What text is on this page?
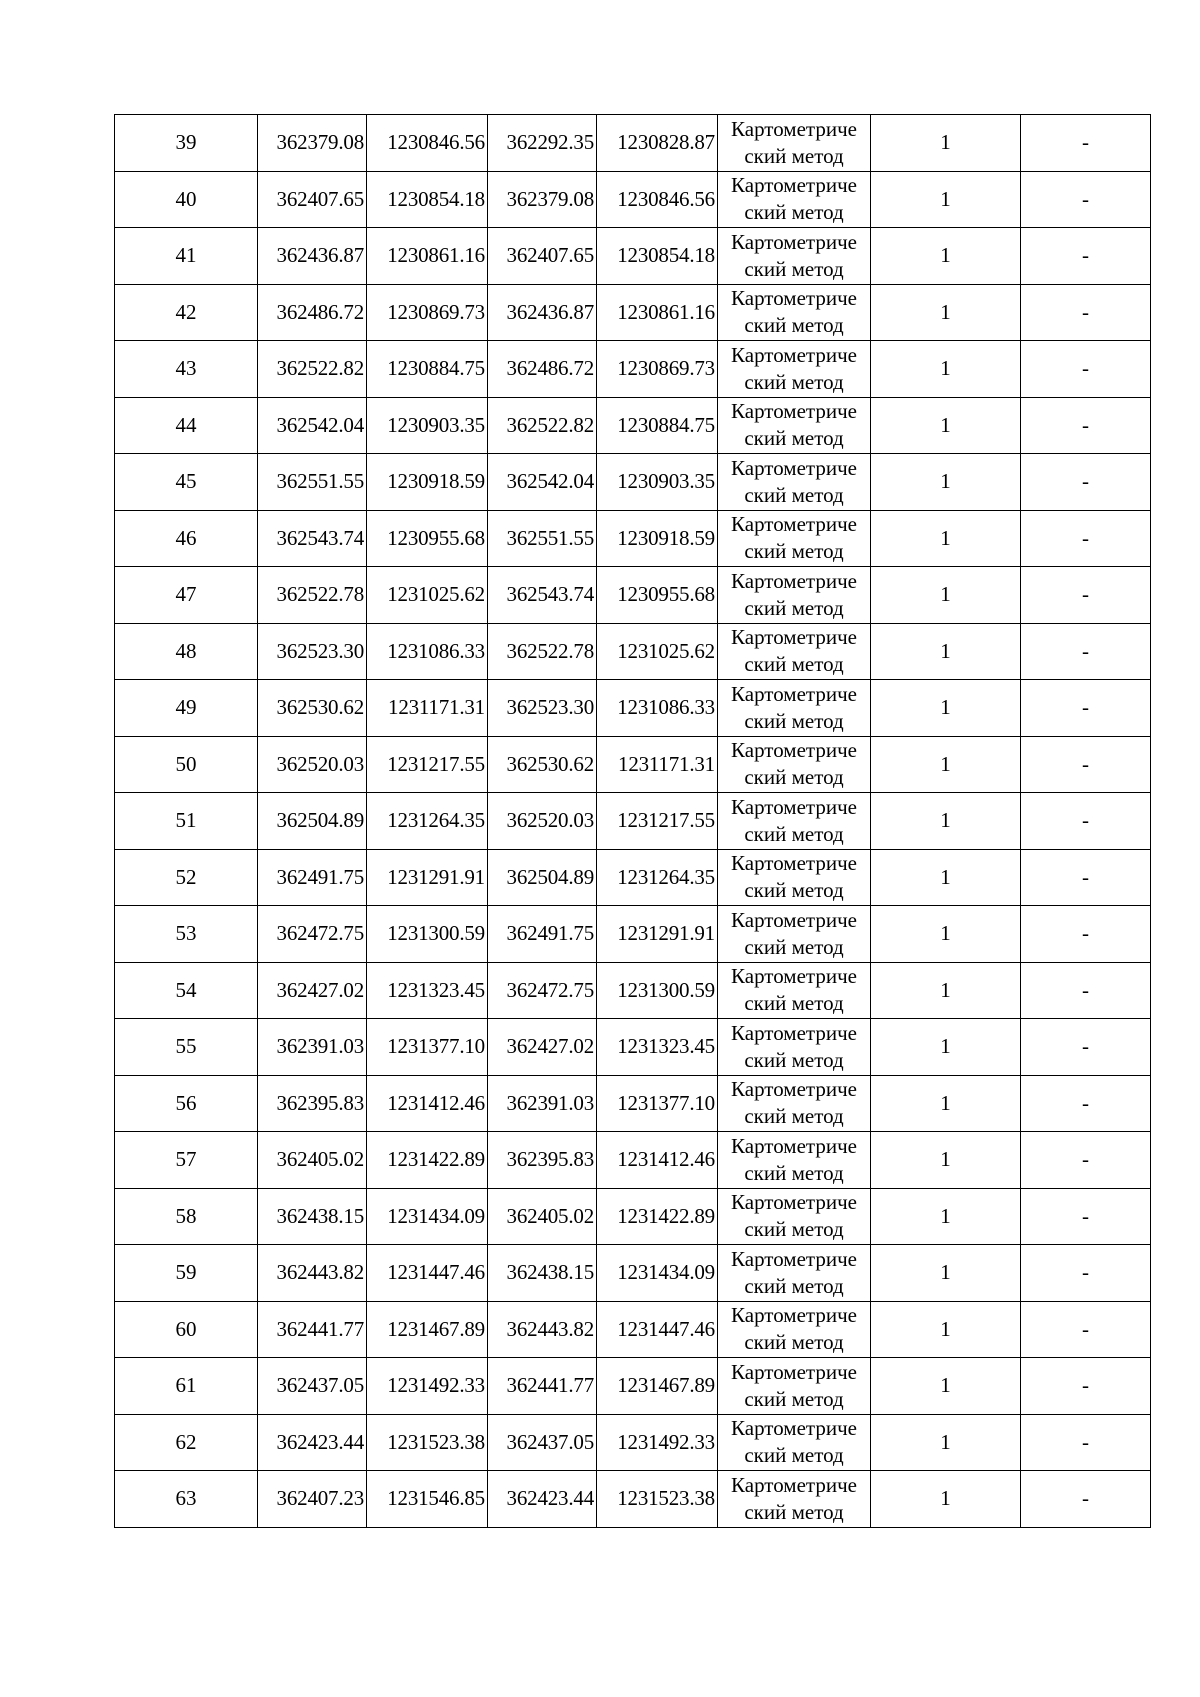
39	362379.08	1230846.56	362292.35	1230828.87	Картометриче
ский метод	1	-
40	362407.65	1230854.18	362379.08	1230846.56	Картометриче
ский метод	1	-
41	362436.87	1230861.16	362407.65	1230854.18	Картометриче
ский метод	1	-
42	362486.72	1230869.73	362436.87	1230861.16	Картометриче
ский метод	1	-
43	362522.82	1230884.75	362486.72	1230869.73	Картометриче
ский метод	1	-
44	362542.04	1230903.35	362522.82	1230884.75	Картометриче
ский метод	1	-
45	362551.55	1230918.59	362542.04	1230903.35	Картометриче
ский метод	1	-
46	362543.74	1230955.68	362551.55	1230918.59	Картометриче
ский метод	1	-
47	362522.78	1231025.62	362543.74	1230955.68	Картометриче
ский метод	1	-
48	362523.30	1231086.33	362522.78	1231025.62	Картометриче
ский метод	1	-
49	362530.62	1231171.31	362523.30	1231086.33	Картометриче
ский метод	1	-
50	362520.03	1231217.55	362530.62	1231171.31	Картометриче
ский метод	1	-
51	362504.89	1231264.35	362520.03	1231217.55	Картометриче
ский метод	1	-
52	362491.75	1231291.91	362504.89	1231264.35	Картометриче
ский метод	1	-
53	362472.75	1231300.59	362491.75	1231291.91	Картометриче
ский метод	1	-
54	362427.02	1231323.45	362472.75	1231300.59	Картометриче
ский метод	1	-
55	362391.03	1231377.10	362427.02	1231323.45	Картометриче
ский метод	1	-
56	362395.83	1231412.46	362391.03	1231377.10	Картометриче
ский метод	1	-
57	362405.02	1231422.89	362395.83	1231412.46	Картометриче
ский метод	1	-
58	362438.15	1231434.09	362405.02	1231422.89	Картометриче
ский метод	1	-
59	362443.82	1231447.46	362438.15	1231434.09	Картометриче
ский метод	1	-
60	362441.77	1231467.89	362443.82	1231447.46	Картометриче
ский метод	1	-
61	362437.05	1231492.33	362441.77	1231467.89	Картометриче
ский метод	1	-
62	362423.44	1231523.38	362437.05	1231492.33	Картометриче
ский метод	1	-
63	362407.23	1231546.85	362423.44	1231523.38	Картометриче
ский метод	1	-
